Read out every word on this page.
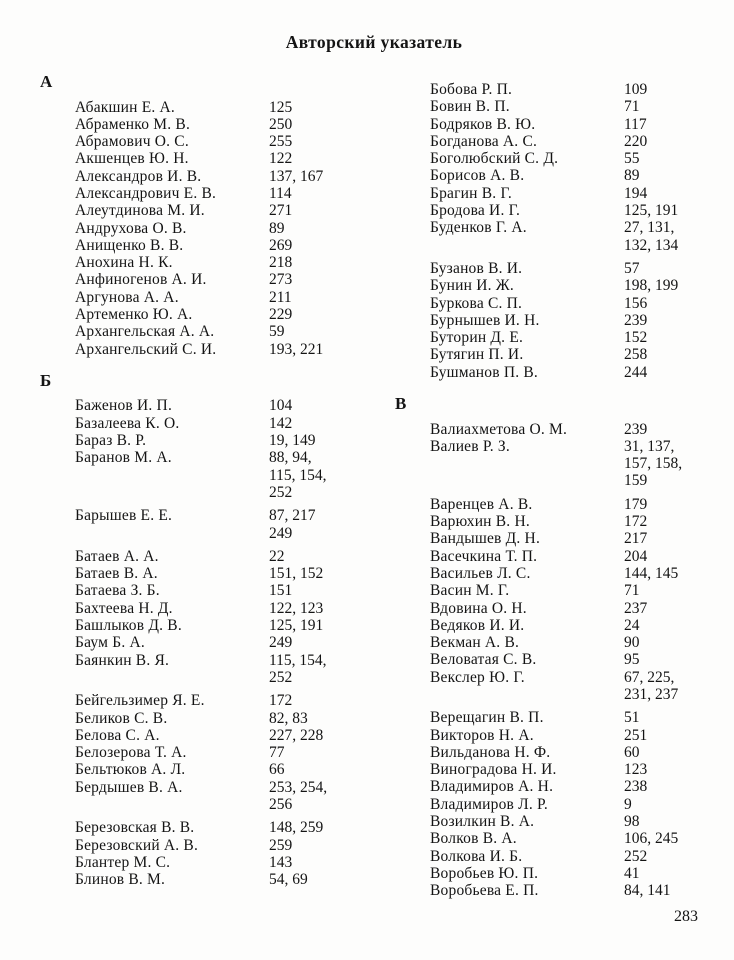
Авторский указатель
А
Абакшин Е. А.	125
Абраменко М. В.	250
Абрамович О. С.	255
Акшенцев Ю. Н.	122
Александров И. В.	137, 167
Александрович Е. В.	114
Алеутдинова М. И.	271
Андрухова О. В.	89
Анищенко В. В.	269
Анохина Н. К.	218
Анфиногенов А. И.	273
Аргунова А. А.	211
Артеменко Ю. А.	229
Архангельская А. А.	59
Архангельский С. И.	193, 221
Б
Баженов И. П.	104
Базалеева К. О.	142
Бараз В. Р.	19, 149
Баранов М. А.	88, 94,
115, 154,
252
Барышев Е. Е.	87, 217
249
Батаев А. А.	22
Батаев В. А.	151, 152
Батаева З. Б.	151
Бахтеева Н. Д.	122, 123
Башлыков Д. В.	125, 191
Баум Б. А.	249
Баянкин В. Я.	115, 154,
252
Бейгельзимер Я. Е.	172
Беликов С. В.	82, 83
Белова С. А.	227, 228
Белозерова Т. А.	77
Бельтюков А. Л.	66
Бердышев В. А.	253, 254,
256
Березовская В. В.	148, 259
Березовский А. В.	259
Блантер М. С.	143
Блинов В. М.	54, 69
Бобова Р. П.	109
Бовин В. П.	71
Бодряков В. Ю.	117
Богданова А. С.	220
Боголюбский С. Д.	55
Борисов А. В.	89
Брагин В. Г.	194
Бродова И. Г.	125, 191
Буденков Г. А.	27, 131,
132, 134
Бузанов В. И.	57
Бунин И. Ж.	198, 199
Буркова С. П.	156
Бурнышев И. Н.	239
Буторин Д. Е.	152
Бутягин П. И.	258
Бушманов П. В.	244
В
Валиахметова О. М.	239
Валиев Р. З.	31, 137,
157, 158,
159
Варенцев А. В.	179
Варюхин В. Н.	172
Вандышев Д. Н.	217
Васечкина Т. П.	204
Васильев Л. С.	144, 145
Васин М. Г.	71
Вдовина О. Н.	237
Ведяков И. И.	24
Векман А. В.	90
Веловатая С. В.	95
Векслер Ю. Г.	67, 225,
231, 237
Верещагин В. П.	51
Викторов Н. А.	251
Вильданова Н. Ф.	60
Виноградова Н. И.	123
Владимиров А. Н.	238
Владимиров Л. Р.	9
Возилкин В. А.	98
Волков В. А.	106, 245
Волкова И. Б.	252
Воробьев Ю. П.	41
Воробьева Е. П.	84, 141
283
